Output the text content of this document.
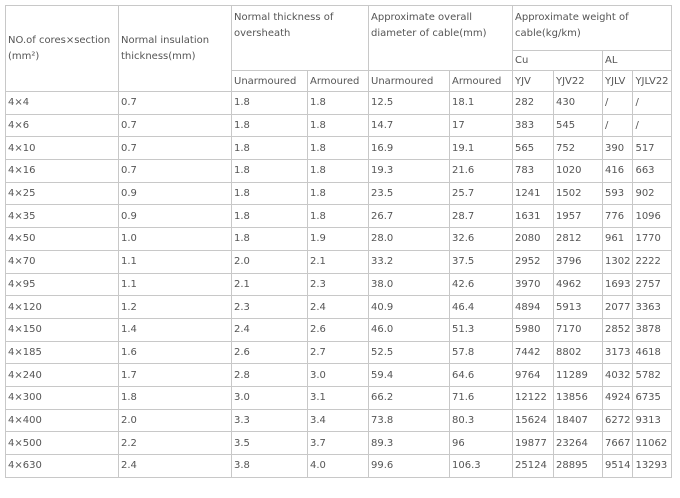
NO.of cores×section (mm²)	Normal insulation thickness(mm)	Normal thickness of oversheath		Approximate overall diameter of cable(mm)		Approximate weight of cable(kg/km)			
						Cu		AL	
		Unarmoured	Armoured	Unarmoured	Armoured	YJV	YJV22	YJLV	YJLV22
4×4	0.7	1.8	1.8	12.5	18.1	282	430	/	/
4×6	0.7	1.8	1.8	14.7	17	383	545	/	/
4×10	0.7	1.8	1.8	16.9	19.1	565	752	390	517
4×16	0.7	1.8	1.8	19.3	21.6	783	1020	416	663
4×25	0.9	1.8	1.8	23.5	25.7	1241	1502	593	902
4×35	0.9	1.8	1.8	26.7	28.7	1631	1957	776	1096
4×50	1.0	1.8	1.9	28.0	32.6	2080	2812	961	1770
4×70	1.1	2.0	2.1	33.2	37.5	2952	3796	1302	2222
4×95	1.1	2.1	2.3	38.0	42.6	3970	4962	1693	2757
4×120	1.2	2.3	2.4	40.9	46.4	4894	5913	2077	3363
4×150	1.4	2.4	2.6	46.0	51.3	5980	7170	2852	3878
4×185	1.6	2.6	2.7	52.5	57.8	7442	8802	3173	4618
4×240	1.7	2.8	3.0	59.4	64.6	9764	11289	4032	5782
4×300	1.8	3.0	3.1	66.2	71.6	12122	13856	4924	6735
4×400	2.0	3.3	3.4	73.8	80.3	15624	18407	6272	9313
4×500	2.2	3.5	3.7	89.3	96	19877	23264	7667	11062
4×630	2.4	3.8	4.0	99.6	106.3	25124	28895	9514	13293
